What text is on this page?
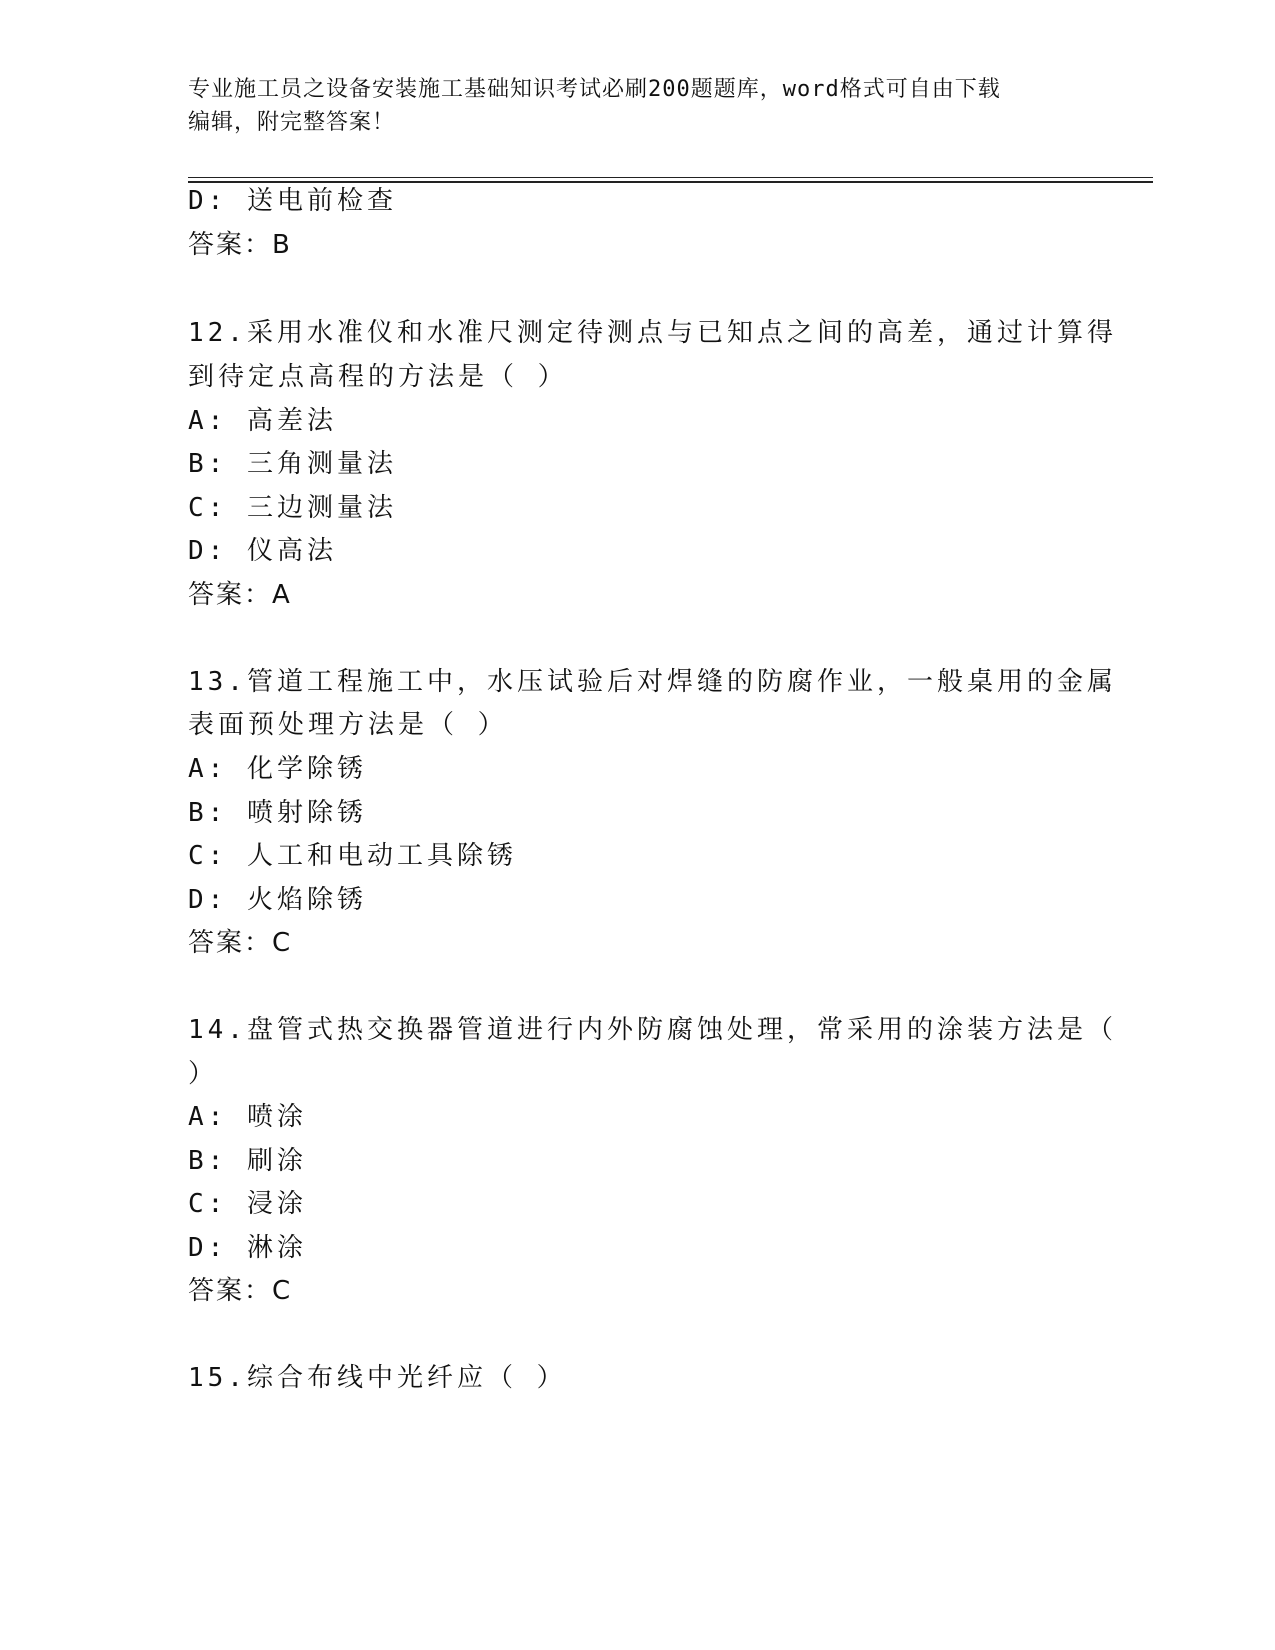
专业施工员之设备安装施工基础知识考试必刷200题题库，word格式可自由下载
编辑，附完整答案！
D: 送电前检查
答案：B
12.采用水准仪和水准尺测定待测点与已知点之间的高差，通过计算得
到待定点高程的方法是（ ）
A: 高差法
B: 三角测量法
C: 三边测量法
D: 仪高法
答案：A
13.管道工程施工中，水压试验后对焊缝的防腐作业，一般桌用的金属
表面预处理方法是（ ）
A: 化学除锈
B: 喷射除锈
C: 人工和电动工具除锈
D: 火焰除锈
答案：C
14.盘管式热交换器管道进行内外防腐蚀处理，常采用的涂装方法是（
）
A: 喷涂
B: 刷涂
C: 浸涂
D: 淋涂
答案：C
15.综合布线中光纤应（ ）
